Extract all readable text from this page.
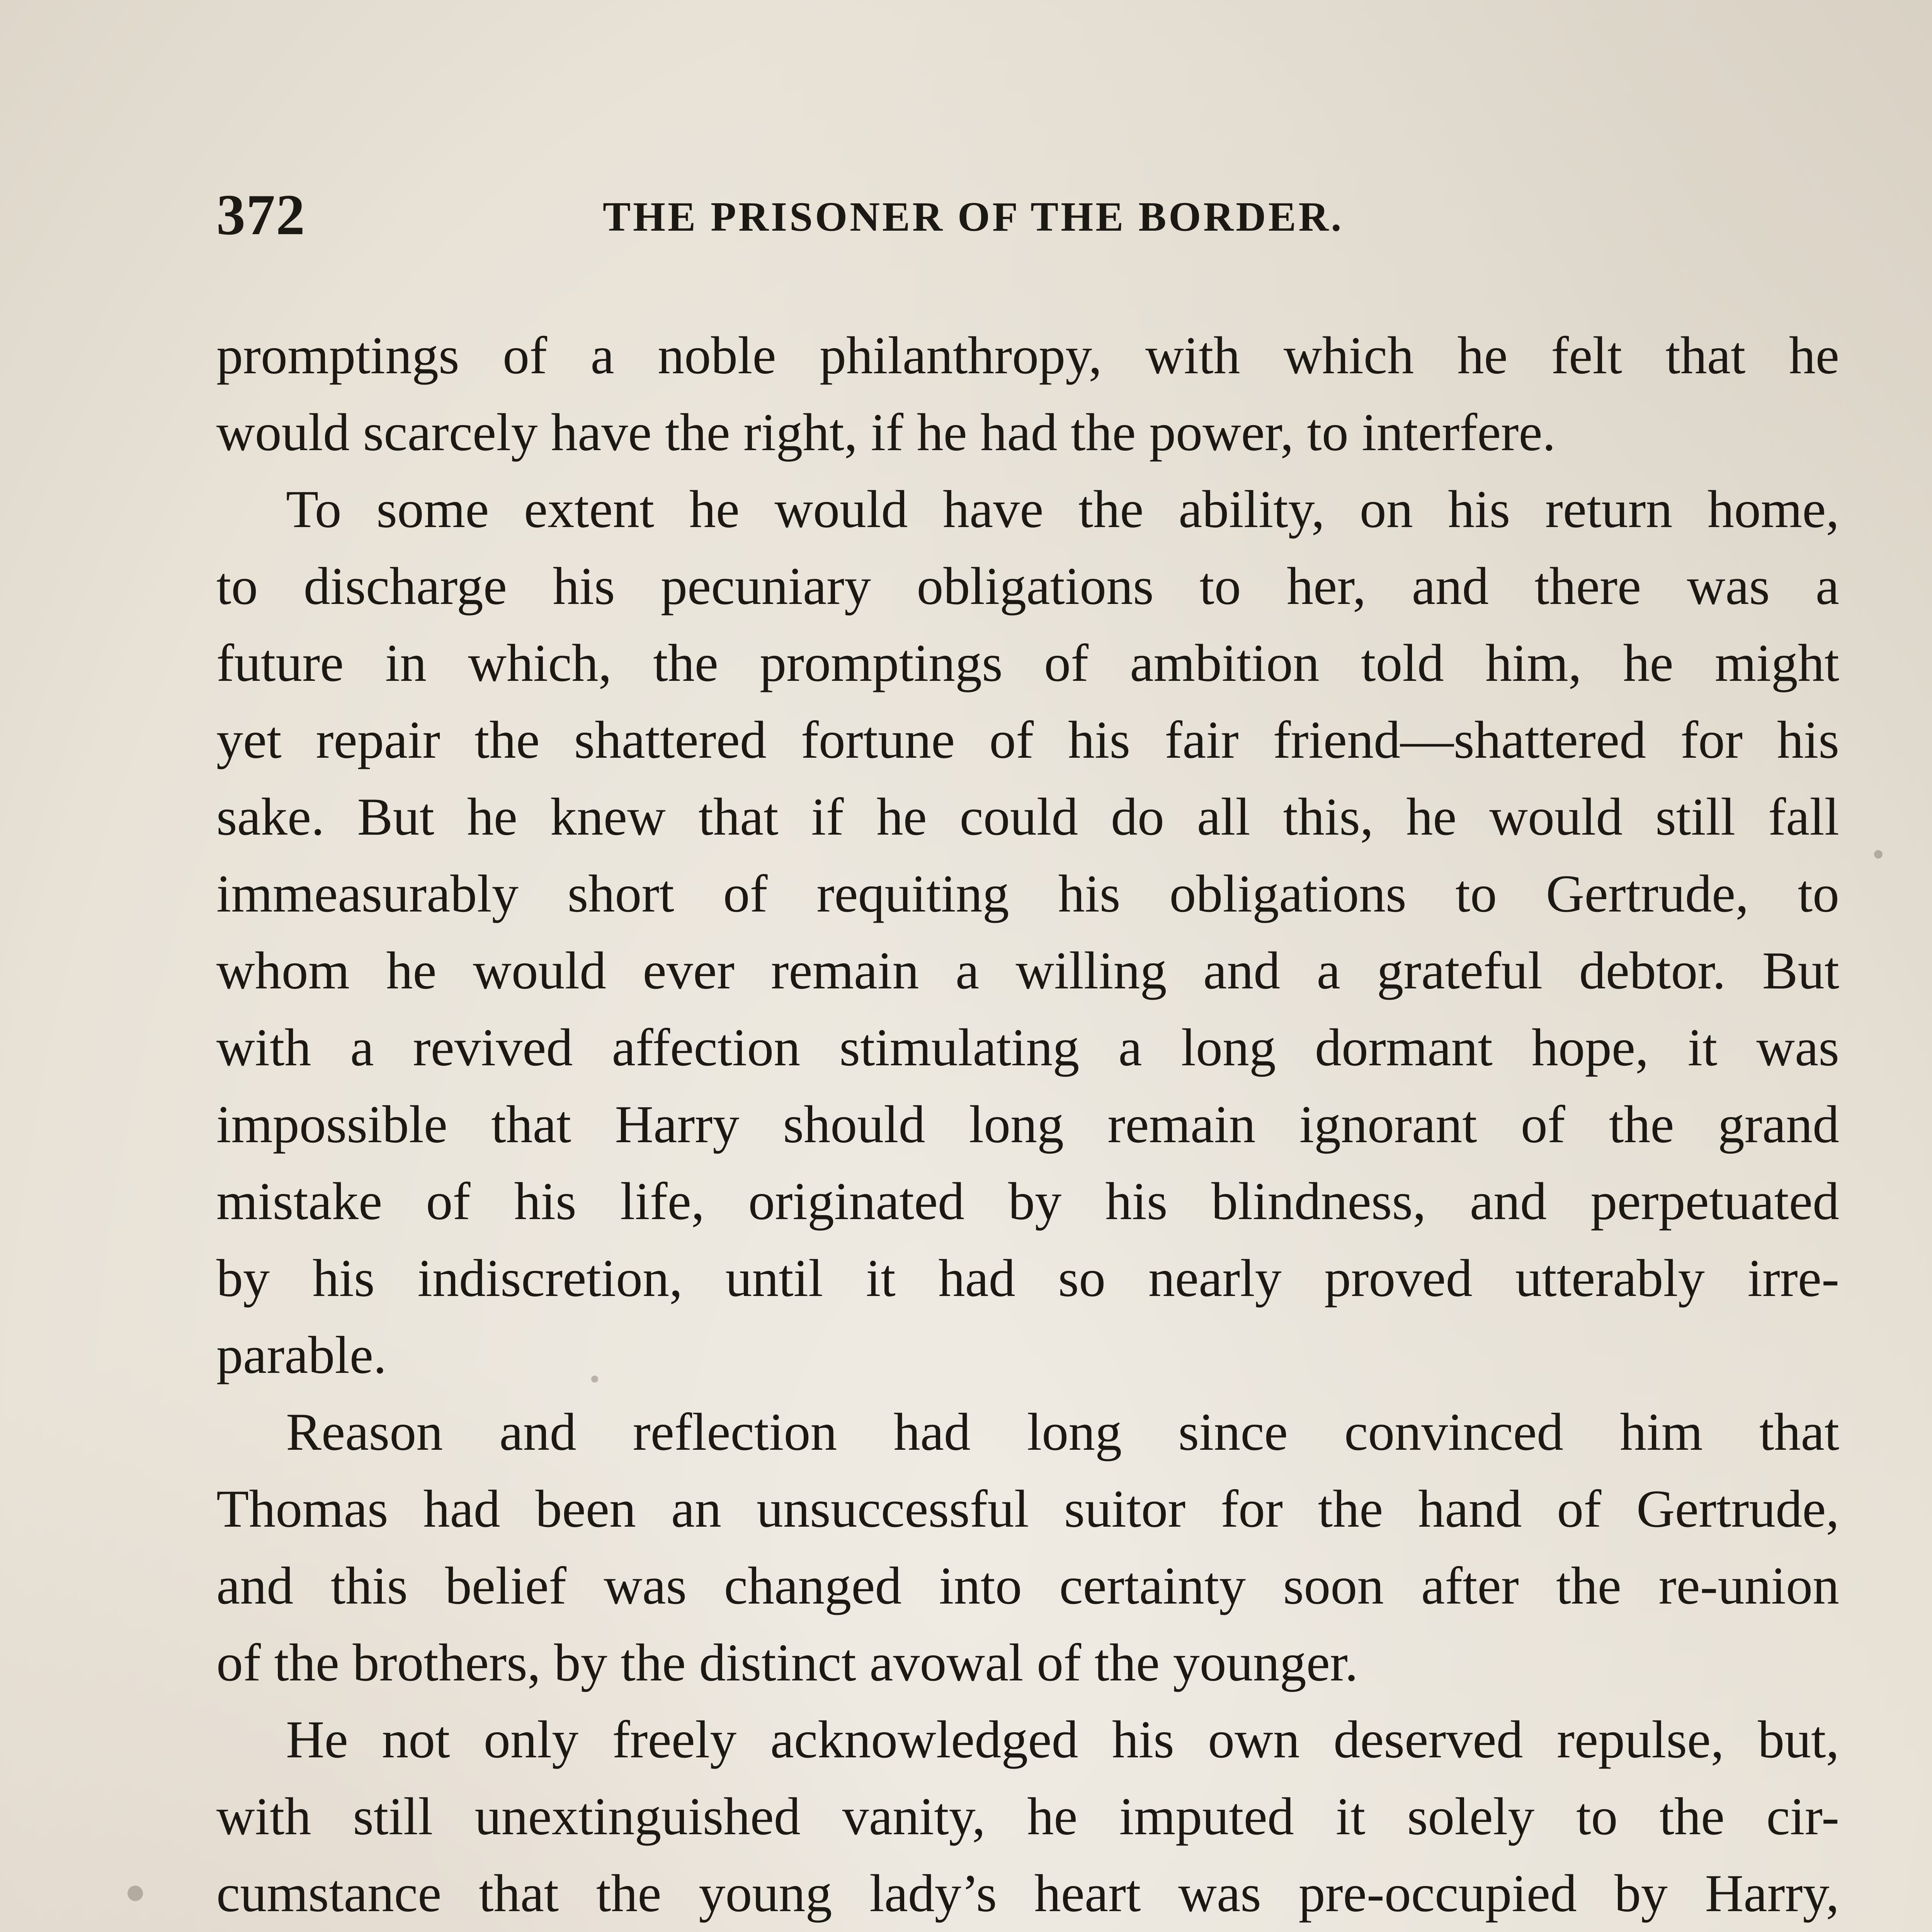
372	THE PRISONER OF THE BORDER.
promptings of a noble philanthropy, with which he felt that he
would scarcely have the right, if he had the power, to interfere.
To some extent he would have the ability, on his return home,
to discharge his pecuniary obligations to her, and there was a
future in which, the promptings of ambition told him, he might
yet repair the shattered fortune of his fair friend—shattered for his
sake. But he knew that if he could do all this, he would still fall
immeasurably short of requiting his obligations to Gertrude, to
whom he would ever remain a willing and a grateful debtor. But
with a revived affection stimulating a long dormant hope, it was
impossible that Harry should long remain ignorant of the grand
mistake of his life, originated by his blindness, and perpetuated
by his indiscretion, until it had so nearly proved utterably irre-
parable.
Reason and reflection had long since convinced him that
Thomas had been an unsuccessful suitor for the hand of Gertrude,
and this belief was changed into certainty soon after the re-union
of the brothers, by the distinct avowal of the younger.
He not only freely acknowledged his own deserved repulse, but,
with still unextinguished vanity, he imputed it solely to the cir-
cumstance that the young lady’s heart was pre-occupied by Harry,
